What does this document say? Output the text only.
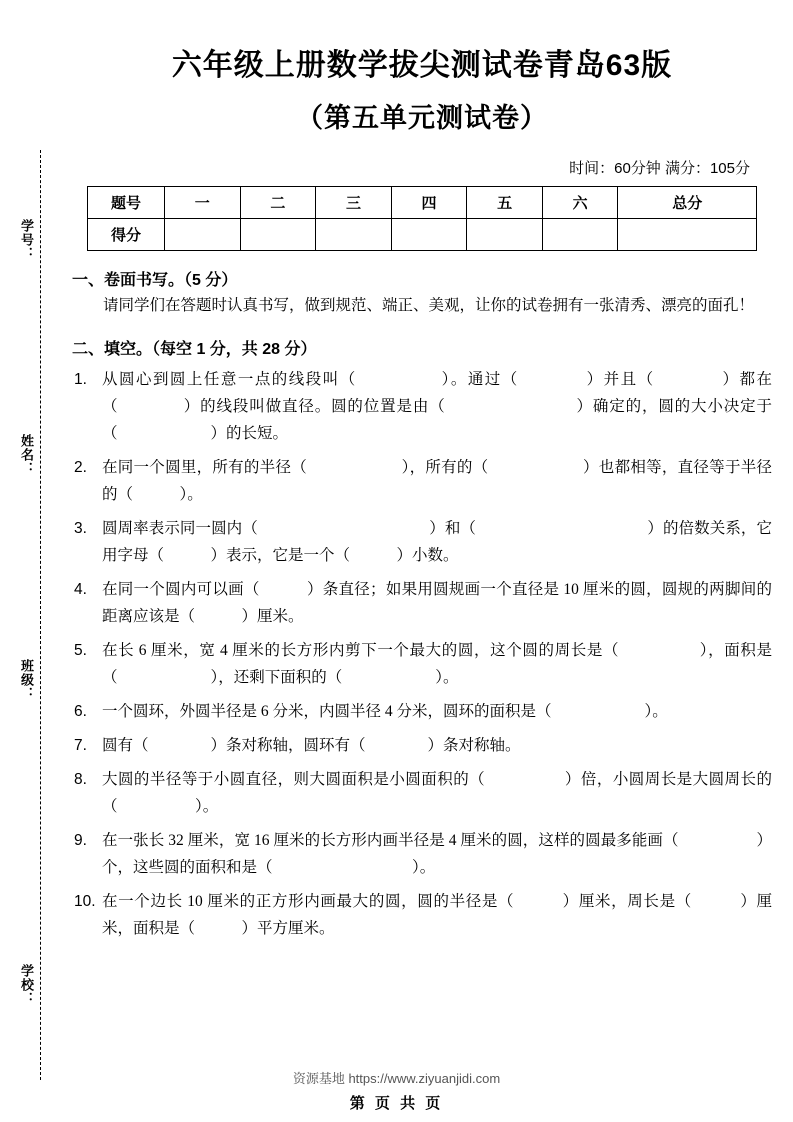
学号：
姓名：
班级：
学校：
六年级上册数学拔尖测试卷青岛63版
（第五单元测试卷）
时间：60分钟 满分：105分
题号	一	二	三	四	五	六	总分
得分							
一、卷面书写。（5 分）

请同学们在答题时认真书写，做到规范、端正、美观，让你的试卷拥有一张清秀、漂亮的面孔！

二、填空。（每空 1 分，共 28 分）
1. 从圆心到圆上任意一点的线段叫（　　　　　）。通过（　　　　）并且（　　　　）都在（　　　　）的线段叫做直径。圆的位置是由（　　　　　　　　）确定的，圆的大小决定于（　　　　　　）的长短。
2. 在同一个圆里，所有的半径（　　　　　　），所有的（　　　　　　）也都相等，直径等于半径的（　　　）。
3. 圆周率表示同一圆内（　　　　　　　　　　　）和（　　　　　　　　　　　）的倍数关系，它用字母（　　　）表示，它是一个（　　　）小数。
4. 在同一个圆内可以画（　　　）条直径；如果用圆规画一个直径是 10 厘米的圆，圆规的两脚间的距离应该是（　　　）厘米。
5. 在长 6 厘米，宽 4 厘米的长方形内剪下一个最大的圆，这个圆的周长是（　　　　　），面积是（　　　　　　），还剩下面积的（　　　　　　）。
6. 一个圆环，外圆半径是 6 分米，内圆半径 4 分米，圆环的面积是（　　　　　　）。
7. 圆有（　　　　）条对称轴，圆环有（　　　　）条对称轴。
8. 大圆的半径等于小圆直径，则大圆面积是小圆面积的（　　　　　）倍，小圆周长是大圆周长的（　　　　　）。
9. 在一张长 32 厘米，宽 16 厘米的长方形内画半径是 4 厘米的圆，这样的圆最多能画（　　　　　）个，这些圆的面积和是（　　　　　　　　　）。
10. 在一个边长 10 厘米的正方形内画最大的圆，圆的半径是（　　　）厘米，周长是（　　　）厘米，面积是（　　　）平方厘米。
资源基地 https://www.ziyuanjidi.com
第 页 共 页
